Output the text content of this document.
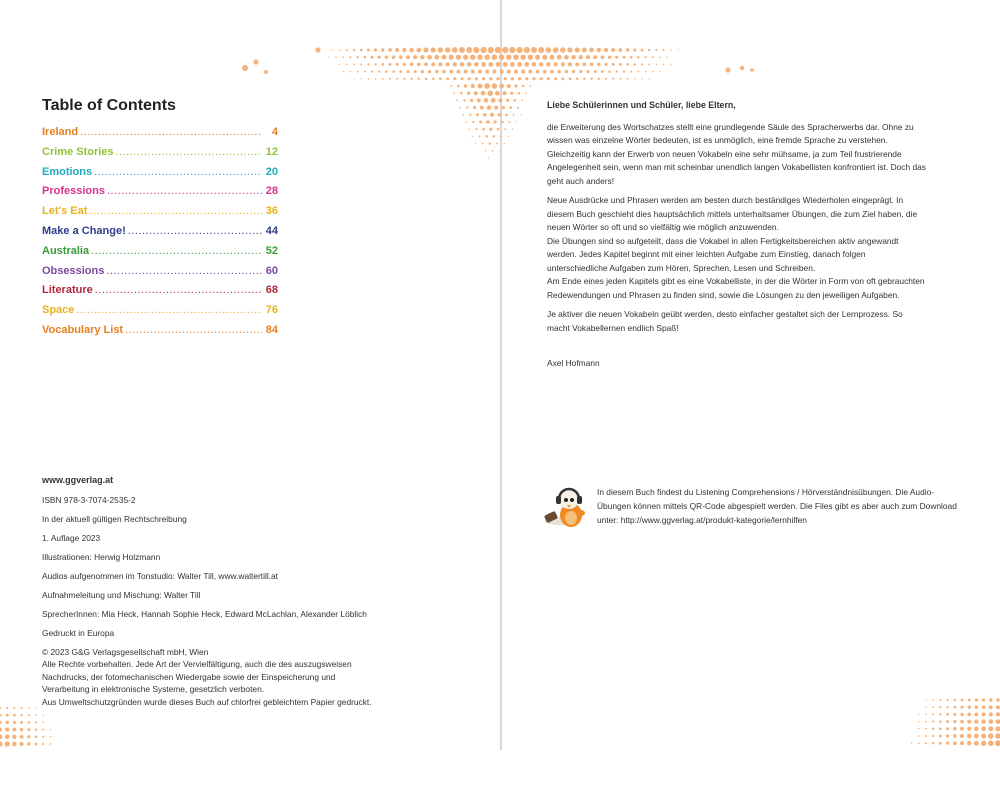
Table of Contents
Ireland .....	4
Crime Stories .....	12
Emotions .....	20
Professions .....	28
Let's Eat .....	36
Make a Change! .....	44
Australia .....	52
Obsessions .....	60
Literature .....	68
Space .....	76
Vocabulary List .....	84
www.ggverlag.at
ISBN 978-3-7074-2535-2
In der aktuell gültigen Rechtschreibung
1. Auflage 2023
Illustrationen: Herwig Holzmann
Audios aufgenommen im Tonstudio: Walter Till, www.waltertill.at
Aufnahmeleitung und Mischung: Walter Till
SprecherInnen: Mia Heck, Hannah Sophie Heck, Edward McLachlan, Alexander Löblich
Gedruckt in Europa
© 2023 G&G Verlagsgesellschaft mbH, Wien
Alle Rechte vorbehalten. Jede Art der Vervielfältigung, auch die des auszugsweisen
Nachdrucks, der fotomechanischen Wiedergabe sowie der Einspeicherung und
Verarbeitung in elektronische Systeme, gesetzlich verboten.
Aus Umweltschutzgründen wurde dieses Buch auf chlorfrei gebleichtem Papier gedruckt.

Liebe Schülerinnen und Schüler, liebe Eltern,

die Erweiterung des Wortschatzes stellt eine grundlegende Säule des Spracherwerbs dar. Ohne zu wissen was einzelne Wörter bedeuten, ist es unmöglich, eine fremde Sprache zu verstehen. Gleichzeitig kann der Erwerb von neuen Vokabeln eine sehr mühsame, ja zum Teil frustrierende Angelegenheit sein, wenn man mit scheinbar unendlich langen Vokabellisten konfrontiert ist. Doch das geht auch anders!

Neue Ausdrücke und Phrasen werden am besten durch beständiges Wiederholen eingeprägt. In diesem Buch geschieht dies hauptsächlich mittels unterhaltsamer Übungen, die zum Ziel haben, die neuen Wörter so oft und so vielfältig wie möglich anzuwenden.
Die Übungen sind so aufgeteilt, dass die Vokabel in allen Fertigkeitsbereichen aktiv angewandt werden. Jedes Kapitel beginnt mit einer leichten Aufgabe zum Einstieg, danach folgen unterschiedliche Aufgaben zum Hören, Sprechen, Lesen und Schreiben.
Am Ende eines jeden Kapitels gibt es eine Vokabelliste, in der die Wörter in Form von oft gebrauchten Redewendungen und Phrasen zu finden sind, sowie die Lösungen zu den jeweiligen Aufgaben.

Je aktiver die neuen Vokabeln geübt werden, desto einfacher gestaltet sich der Lernprozess. So macht Vokabellernen endlich Spaß!

Axel Hofmann

In diesem Buch findest du Listening Comprehensions / Hörverständnisübungen. Die Audio-Übungen können mittels QR-Code abgespielt werden. Die Files gibt es aber auch zum Download unter: http://www.ggverlag.at/produkt-kategorie/lernhilfen
